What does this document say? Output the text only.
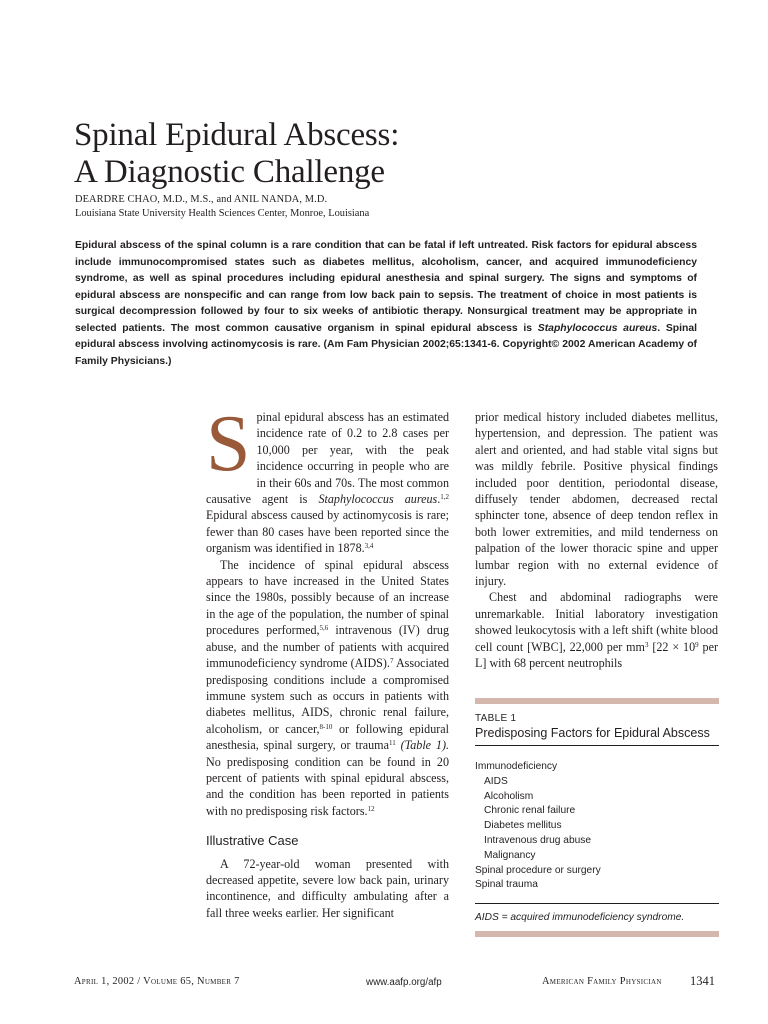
Spinal Epidural Abscess:
A Diagnostic Challenge
DEARDRE CHAO, M.D., M.S., and ANIL NANDA, M.D.
Louisiana State University Health Sciences Center, Monroe, Louisiana

Epidural abscess of the spinal column is a rare condition that can be fatal if left untreated. Risk factors for epidural abscess include immunocompromised states such as diabetes mellitus, alcoholism, cancer, and acquired immunodeficiency syndrome, as well as spinal procedures including epidural anesthesia and spinal surgery. The signs and symptoms of epidural abscess are nonspecific and can range from low back pain to sepsis. The treatment of choice in most patients is surgical decompression followed by four to six weeks of antibiotic therapy. Nonsurgical treatment may be appropriate in selected patients. The most common causative organism in spinal epidural abscess is Staphylococcus aureus. Spinal epidural abscess involving actinomycosis is rare. (Am Fam Physician 2002;65:1341-6. Copyright© 2002 American Academy of Family Physicians.)

Spinal epidural abscess has an estimated incidence rate of 0.2 to 2.8 cases per 10,000 per year, with the peak incidence occurring in people who are in their 60s and 70s. The most common causative agent is Staphylococcus aureus.$^{1,2}$ Epidural abscess caused by actinomycosis is rare; fewer than 80 cases have been reported since the organism was identified in 1878.$^{3,4}$

The incidence of spinal epidural abscess appears to have increased in the United States since the 1980s, possibly because of an increase in the age of the population, the number of spinal procedures performed,$^{5,6}$ intravenous (IV) drug abuse, and the number of patients with acquired immunodeficiency syndrome (AIDS).$^7$ Associated predisposing conditions include a compromised immune system such as occurs in patients with diabetes mellitus, AIDS, chronic renal failure, alcoholism, or cancer,$^{8-10}$ or following epidural anesthesia, spinal surgery, or trauma$^{11}$ (Table 1). No predisposing condition can be found in 20 percent of patients with spinal epidural abscess, and the condition has been reported in patients with no predisposing risk factors.$^{12}$

Illustrative Case

A 72-year-old woman presented with decreased appetite, severe low back pain, urinary incontinence, and difficulty ambulating after a fall three weeks earlier. Her significant

prior medical history included diabetes mellitus, hypertension, and depression. The patient was alert and oriented, and had stable vital signs but was mildly febrile. Positive physical findings included poor dentition, periodontal disease, diffusely tender abdomen, decreased rectal sphincter tone, absence of deep tendon reflex in both lower extremities, and mild tenderness on palpation of the lower thoracic spine and upper lumbar region with no external evidence of injury.

Chest and abdominal radiographs were unremarkable. Initial laboratory investigation showed leukocytosis with a left shift (white blood cell count [WBC], 22,000 per $mm^3$ [$22 \times 10^9$ per L] with 68 percent neutrophils

TABLE 1
Predisposing Factors for Epidural Abscess
Immunodeficiency
AIDS
Alcoholism
Chronic renal failure
Diabetes mellitus
Intravenous drug abuse
Malignancy
Spinal procedure or surgery
Spinal trauma
AIDS = acquired immunodeficiency syndrome.
April 1, 2002 / Volume 65, Number 7	www.aafp.org/afp	American Family Physician 1341
